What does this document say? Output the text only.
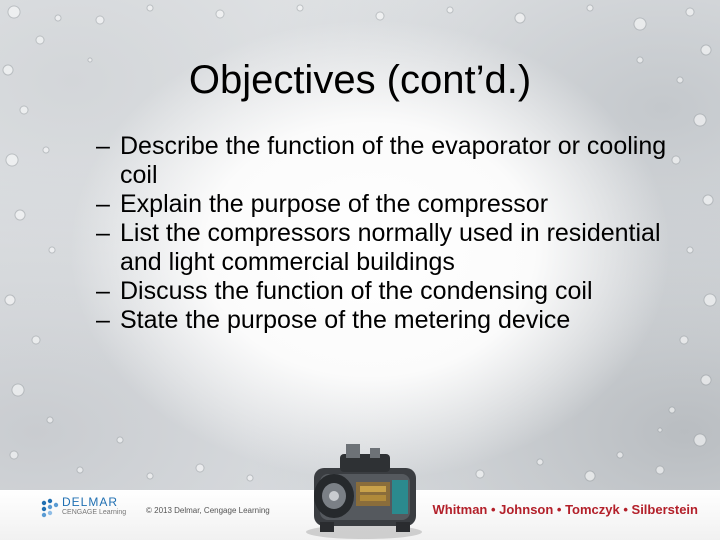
Objectives (cont’d.)
– Describe the function of the evaporator or cooling coil
– Explain the purpose of the compressor
– List the compressors normally used in residential and light commercial buildings
– Discuss the function of the condensing coil
– State the purpose of the metering device
DELMAR
CENGAGE Learning © 2013 Delmar, Cengage Learning	Whitman • Johnson • Tomczyk • Silberstein
